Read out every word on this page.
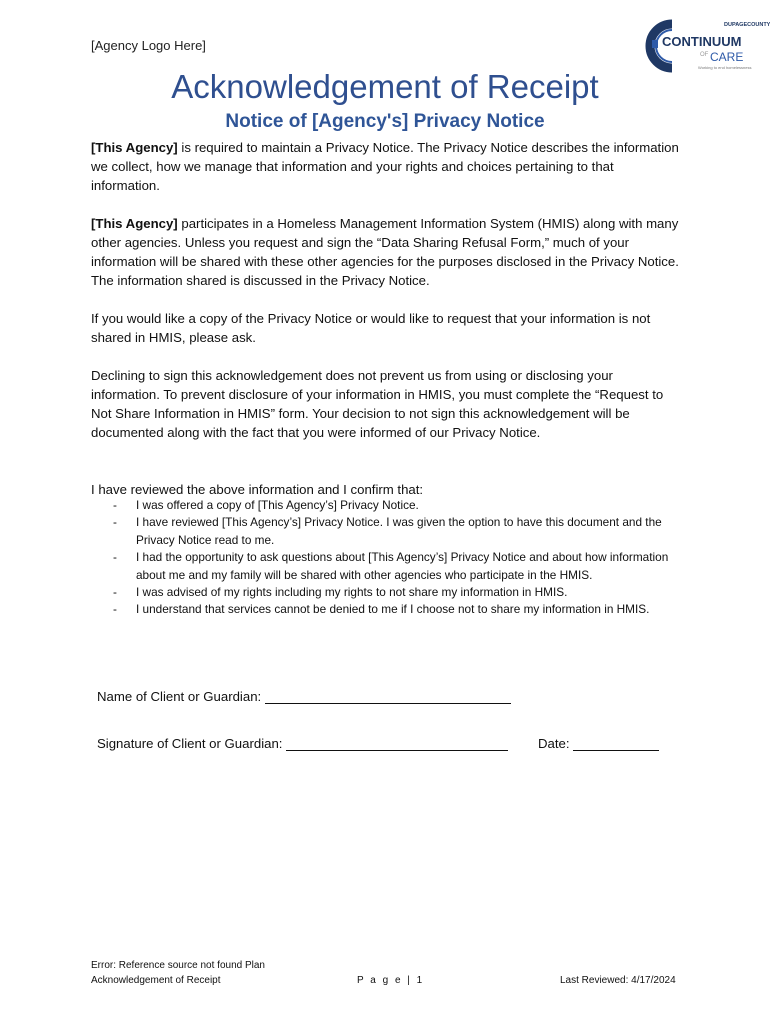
[Agency Logo Here]
DUPAGECOUNTY
CONTINUUM
OF CARE
Working to end homelessness
Acknowledgement of Receipt
Notice of [Agency's] Privacy Notice
[This Agency] is required to maintain a Privacy Notice. The Privacy Notice describes the information we collect, how we manage that information and your rights and choices pertaining to that information.
[This Agency] participates in a Homeless Management Information System (HMIS) along with many other agencies. Unless you request and sign the “Data Sharing Refusal Form,” much of your information will be shared with these other agencies for the purposes disclosed in the Privacy Notice. The information shared is discussed in the Privacy Notice.
If you would like a copy of the Privacy Notice or would like to request that your information is not shared in HMIS, please ask.
Declining to sign this acknowledgement does not prevent us from using or disclosing your information. To prevent disclosure of your information in HMIS, you must complete the “Request to Not Share Information in HMIS” form. Your decision to not sign this acknowledgement will be documented along with the fact that you were informed of our Privacy Notice.
I have reviewed the above information and I confirm that:
- I was offered a copy of [This Agency’s] Privacy Notice.
- I have reviewed [This Agency’s] Privacy Notice. I was given the option to have this document and the Privacy Notice read to me.
- I had the opportunity to ask questions about [This Agency’s] Privacy Notice and about how information about me and my family will be shared with other agencies who participate in the HMIS.
- I was advised of my rights including my rights to not share my information in HMIS.
- I understand that services cannot be denied to me if I choose not to share my information in HMIS.
Name of Client or Guardian:
Signature of Client or Guardian:	Date:
Error: Reference source not found Plan
Acknowledgement of Receipt	P a g e | 1	Last Reviewed: 4/17/2024
